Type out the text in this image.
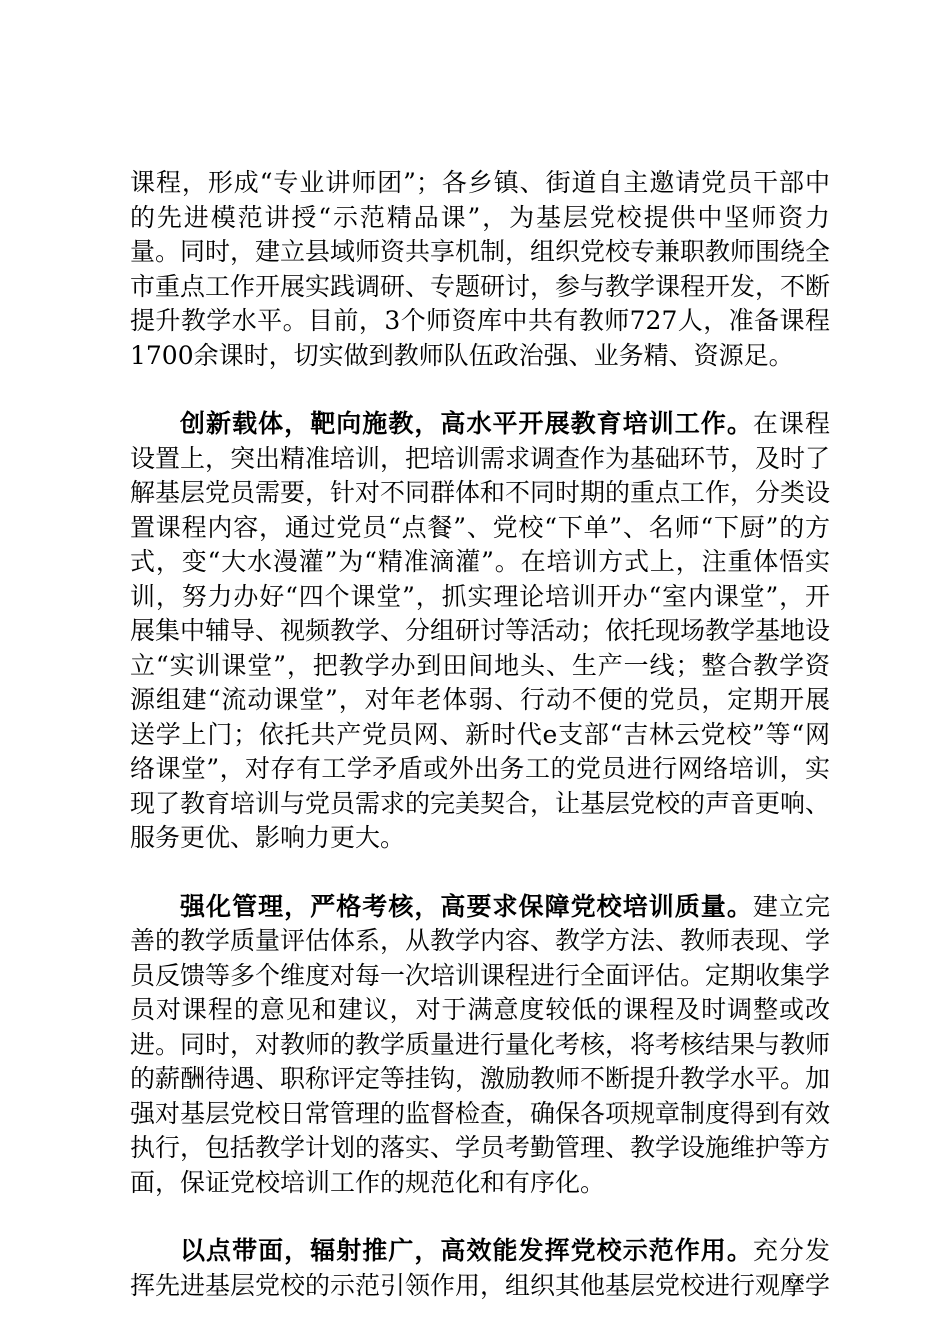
课程，形成“专业讲师团”；各乡镇、街道自主邀请党员干部中的先进模范讲授“示范精品课”，为基层党校提供中坚师资力量。同时，建立县域师资共享机制，组织党校专兼职教师围绕全市重点工作开展实践调研、专题研讨，参与教学课程开发，不断提升教学水平。目前，3个师资库中共有教师727人，准备课程1700余课时，切实做到教师队伍政治强、业务精、资源足。

创新载体，靶向施教，高水平开展教育培训工作。在课程设置上，突出精准培训，把培训需求调查作为基础环节，及时了解基层党员需要，针对不同群体和不同时期的重点工作，分类设置课程内容，通过党员“点餐”、党校“下单”、名师“下厨”的方式，变“大水漫灌”为“精准滴灌”。在培训方式上，注重体悟实训，努力办好“四个课堂”，抓实理论培训开办“室内课堂”，开展集中辅导、视频教学、分组研讨等活动；依托现场教学基地设立“实训课堂”，把教学办到田间地头、生产一线；整合教学资源组建“流动课堂”，对年老体弱、行动不便的党员，定期开展送学上门；依托共产党员网、新时代e支部“吉林云党校”等“网络课堂”，对存有工学矛盾或外出务工的党员进行网络培训，实现了教育培训与党员需求的完美契合，让基层党校的声音更响、服务更优、影响力更大。

强化管理，严格考核，高要求保障党校培训质量。建立完善的教学质量评估体系，从教学内容、教学方法、教师表现、学员反馈等多个维度对每一次培训课程进行全面评估。定期收集学员对课程的意见和建议，对于满意度较低的课程及时调整或改进。同时，对教师的教学质量进行量化考核，将考核结果与教师的薪酬待遇、职称评定等挂钩，激励教师不断提升教学水平。加强对基层党校日常管理的监督检查，确保各项规章制度得到有效执行，包括教学计划的落实、学员考勤管理、教学设施维护等方面，保证党校培训工作的规范化和有序化。

以点带面，辐射推广，高效能发挥党校示范作用。充分发挥先进基层党校的示范引领作用，组织其他基层党校进行观摩学
